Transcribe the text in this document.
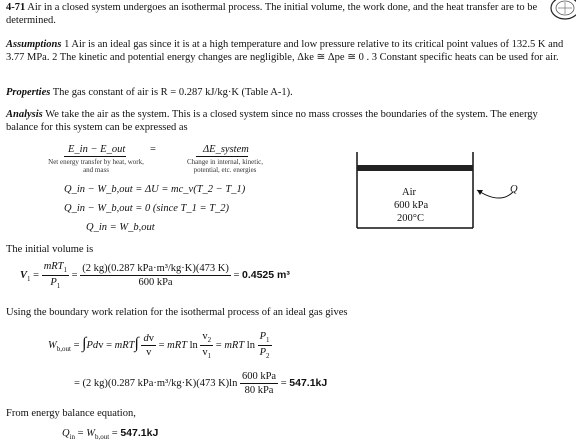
4-71 Air in a closed system undergoes an isothermal process. The initial volume, the work done, and the heat transfer are to be determined.
Assumptions 1 Air is an ideal gas since it is at a high temperature and low pressure relative to its critical point values of 132.5 K and 3.77 MPa. 2 The kinetic and potential energy changes are negligible, Δke ≅ Δpe ≅ 0 . 3 Constant specific heats can be used for air.
Properties The gas constant of air is R = 0.287 kJ/kg·K (Table A-1).
Analysis We take the air as the system. This is a closed system since no mass crosses the boundaries of the system. The energy balance for this system can be expressed as
E_in − E_out =	ΔE_system
Net energy transfer by heat, work, and mass
Change in internal, kinetic, potential, etc. energies
Q_in − W_b,out = ΔU = mc_v(T_2 − T_1)
Q_in − W_b,out = 0 (since T_1 = T_2)
Q_in = W_b,out
Air
600 kPa
200°C
Q
The initial volume is
$V_1 = \frac{mRT_1}{P_1} = \frac{\text{(2 kg)(0.287 kPa·m³/kg·K)(473 K)}}{\text{600 kPa}} = 0.4525$ m³
Using the boundary work relation for the isothermal process of an ideal gas gives
$W_{b,out} = \int Pdv = mRT\int \frac{dv}{v}$ = mRT $\ln \frac{v_2}{v_1}$ = mRT $\ln \frac{P_1}{P_2}$
= (2 kg)(0.287 kPa·m³/kg·K)(473 $K)\ln \frac{\text{600 kPa}}{\text{80 kPa}} = 547.1kJ$
From energy balance equation,
$Q_{in} = W_{b,out} = 547.1kJ$
